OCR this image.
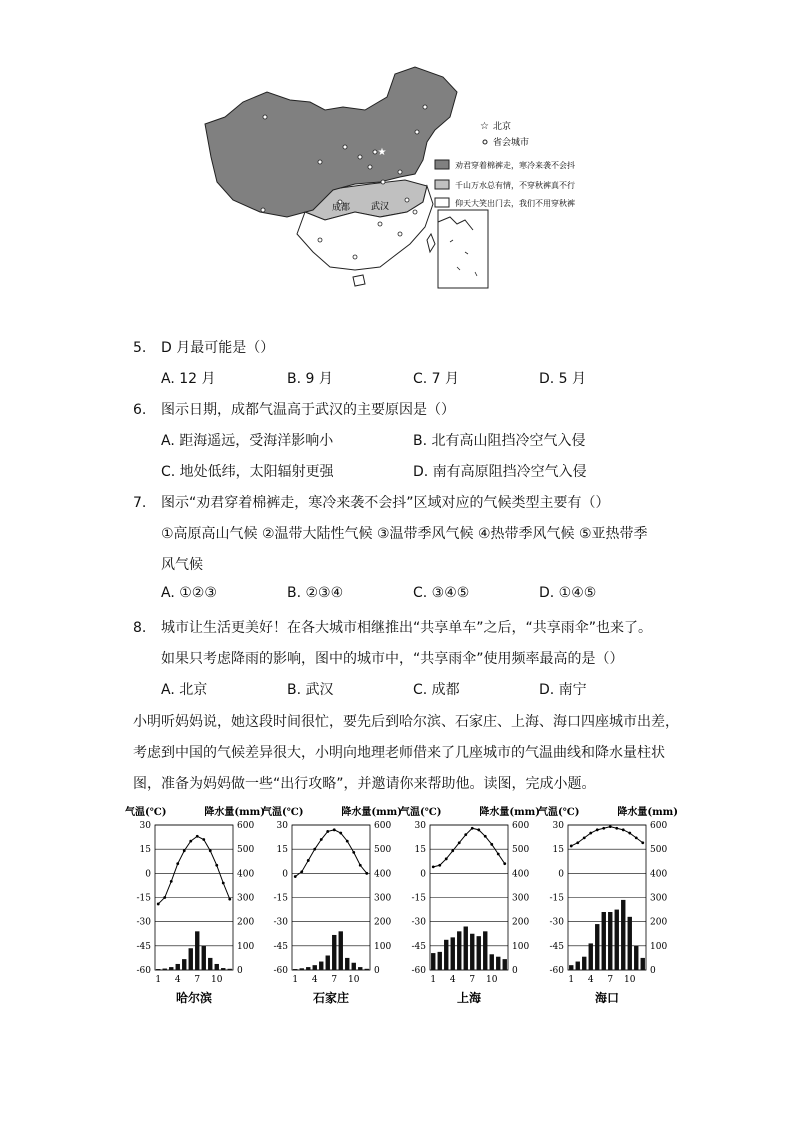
★
成都 武汉
☆ 北京
省会城市
劝君穿着棉裤走，寒冷来袭不会抖
千山万水总有情，不穿秋裤真不行
仰天大笑出门去，我们不用穿秋裤
5. D 月最可能是（）
A. 12 月	B. 9 月	C. 7 月	D. 5 月
6. 图示日期，成都气温高于武汉的主要原因是（）
A. 距海遥远，受海洋影响小	B. 北有高山阻挡冷空气入侵
C. 地处低纬，太阳辐射更强	D. 南有高原阻挡冷空气入侵
7. 图示“劝君穿着棉裤走，寒冷来袭不会抖”区域对应的气候类型主要有（）
①高原高山气候 ②温带大陆性气候 ③温带季风气候 ④热带季风气候 ⑤亚热带季
风气候
A. ①②③	B. ②③④	C. ③④⑤	D. ①④⑤
8. 城市让生活更美好！在各大城市相继推出“共享单车”之后，“共享雨伞”也来了。
如果只考虑降雨的影响，图中的城市中，“共享雨伞”使用频率最高的是（）
A. 北京	B. 武汉	C. 成都	D. 南宁
小明听妈妈说，她这段时间很忙，要先后到哈尔滨、石家庄、上海、海口四座城市出差，
考虑到中国的气候差异很大，小明向地理老师借来了几座城市的气温曲线和降水量柱状
图，准备为妈妈做一些“出行攻略”，并邀请你来帮助他。读图，完成小题。
气温(℃)	降水量(mm)
30	600
15	500
0	400
-15	300
-30	200
-45	100
-60	0
1 4 7 10
哈尔滨
气温(℃)	降水量(mm)
30	600
15	500
0	400
-15	300
-30	200
-45	100
-60	0
1 4 7 10
石家庄
气温(℃)	降水量(mm)
30	600
15	500
0	400
-15	300
-30	200
-45	100
-60	0
1 4 7 10
上海
气温(℃)	降水量(mm)
30	600
15	500
0	400
-15	300
-30	200
-45	100
-60	0
1 4 7 10
海口
